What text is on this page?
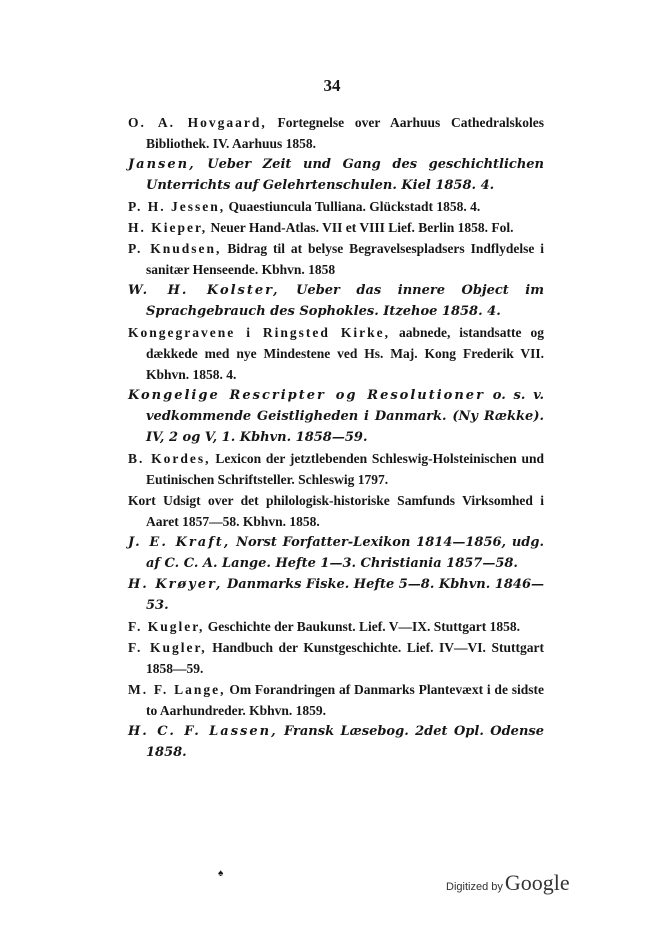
34
O. A. Hovgaard, Fortegnelse over Aarhuus Cathedralskoles Bibliothek. IV. Aarhuus 1858.
Jansen, Ueber Zeit und Gang des geschichtlichen Unterrichts auf Gelehrtenschulen. Kiel 1858. 4.
P. H. Jessen, Quaestiuncula Tulliana. Glückstadt 1858. 4.
H. Kieper, Neuer Hand-Atlas. VII et VIII Lief. Berlin 1858. Fol.
P. Knudsen, Bidrag til at belyse Begravelsespladsers Indflydelse i sanitær Henseende. Kbhvn. 1858
W. H. Kolster, Ueber das innere Object im Sprachgebrauch des Sophokles. Itzehoe 1858. 4.
Kongegravene i Ringsted Kirke, aabnede, istandsatte og dækkede med nye Mindestene ved Hs. Maj. Kong Frederik VII. Kbhvn. 1858. 4.
Kongelige Rescripter og Resolutioner o. s. v. vedkommende Geistligheden i Danmark. (Ny Række). IV, 2 og V, 1. Kbhvn. 1858—59.
B. Kordes, Lexicon der jetztlebenden Schleswig-Holsteinischen und Eutinischen Schriftsteller. Schleswig 1797.
Kort Udsigt over det philologisk-historiske Samfunds Virksomhed i Aaret 1857—58. Kbhvn. 1858.
J. E. Kraft, Norst Forfatter-Lexikon 1814—1856, udg. af C. C. A. Lange. Hefte 1—3. Christiania 1857—58.
H. Krøyer, Danmarks Fiske. Hefte 5—8. Kbhvn. 1846—53.
F. Kugler, Geschichte der Baukunst. Lief. V—IX. Stuttgart 1858.
F. Kugler, Handbuch der Kunstgeschichte. Lief. IV—VI. Stuttgart 1858—59.
M. F. Lange, Om Forandringen af Danmarks Plantevæxt i de sidste to Aarhundreder. Kbhvn. 1859.
H. C. F. Lassen, Fransk Læsebog. 2det Opl. Odense 1858.
♠
Digitized by Google
